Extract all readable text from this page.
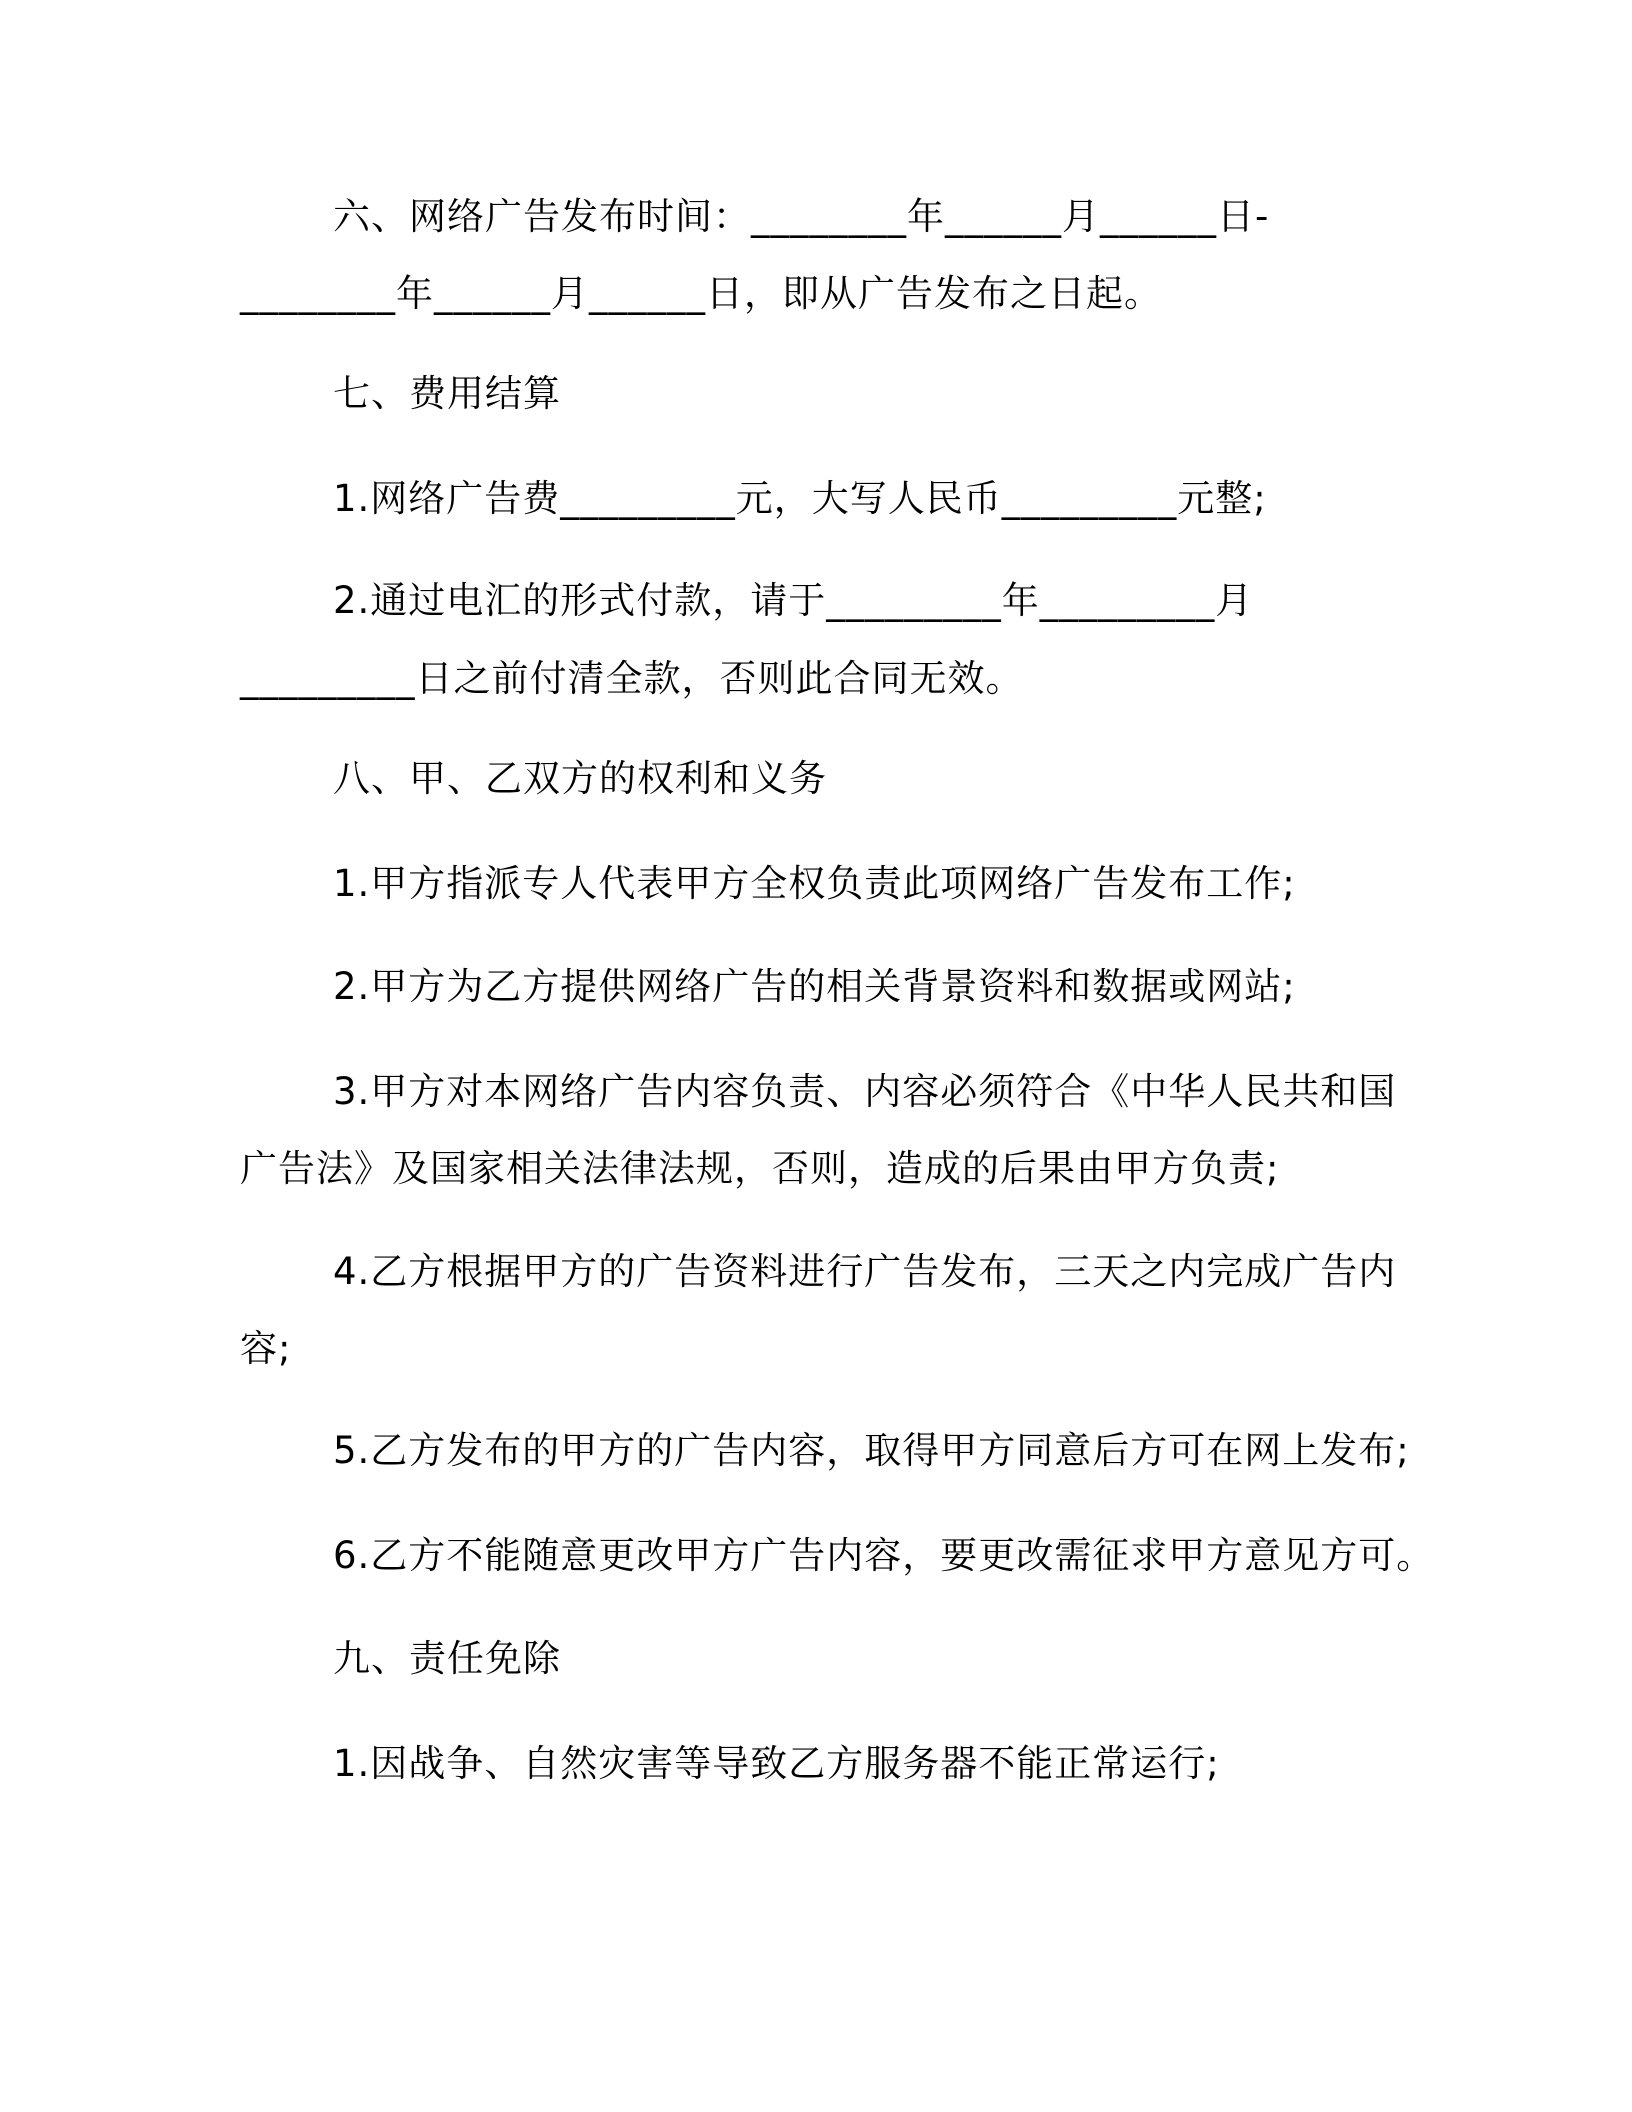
六、网络广告发布时间：________年______月______日-

________年______月______日，即从广告发布之日起。

七、费用结算

1.网络广告费_________元，大写人民币_________元整;

2.通过电汇的形式付款，请于_________年_________月

_________日之前付清全款，否则此合同无效。

八、甲、乙双方的权利和义务

1.甲方指派专人代表甲方全权负责此项网络广告发布工作;

2.甲方为乙方提供网络广告的相关背景资料和数据或网站;

3.甲方对本网络广告内容负责、内容必须符合《中华人民共和国

广告法》及国家相关法律法规，否则，造成的后果由甲方负责;

4.乙方根据甲方的广告资料进行广告发布，三天之内完成广告内

容;

5.乙方发布的甲方的广告内容，取得甲方同意后方可在网上发布;

6.乙方不能随意更改甲方广告内容，要更改需征求甲方意见方可。

九、责任免除

1.因战争、自然灾害等导致乙方服务器不能正常运行;
